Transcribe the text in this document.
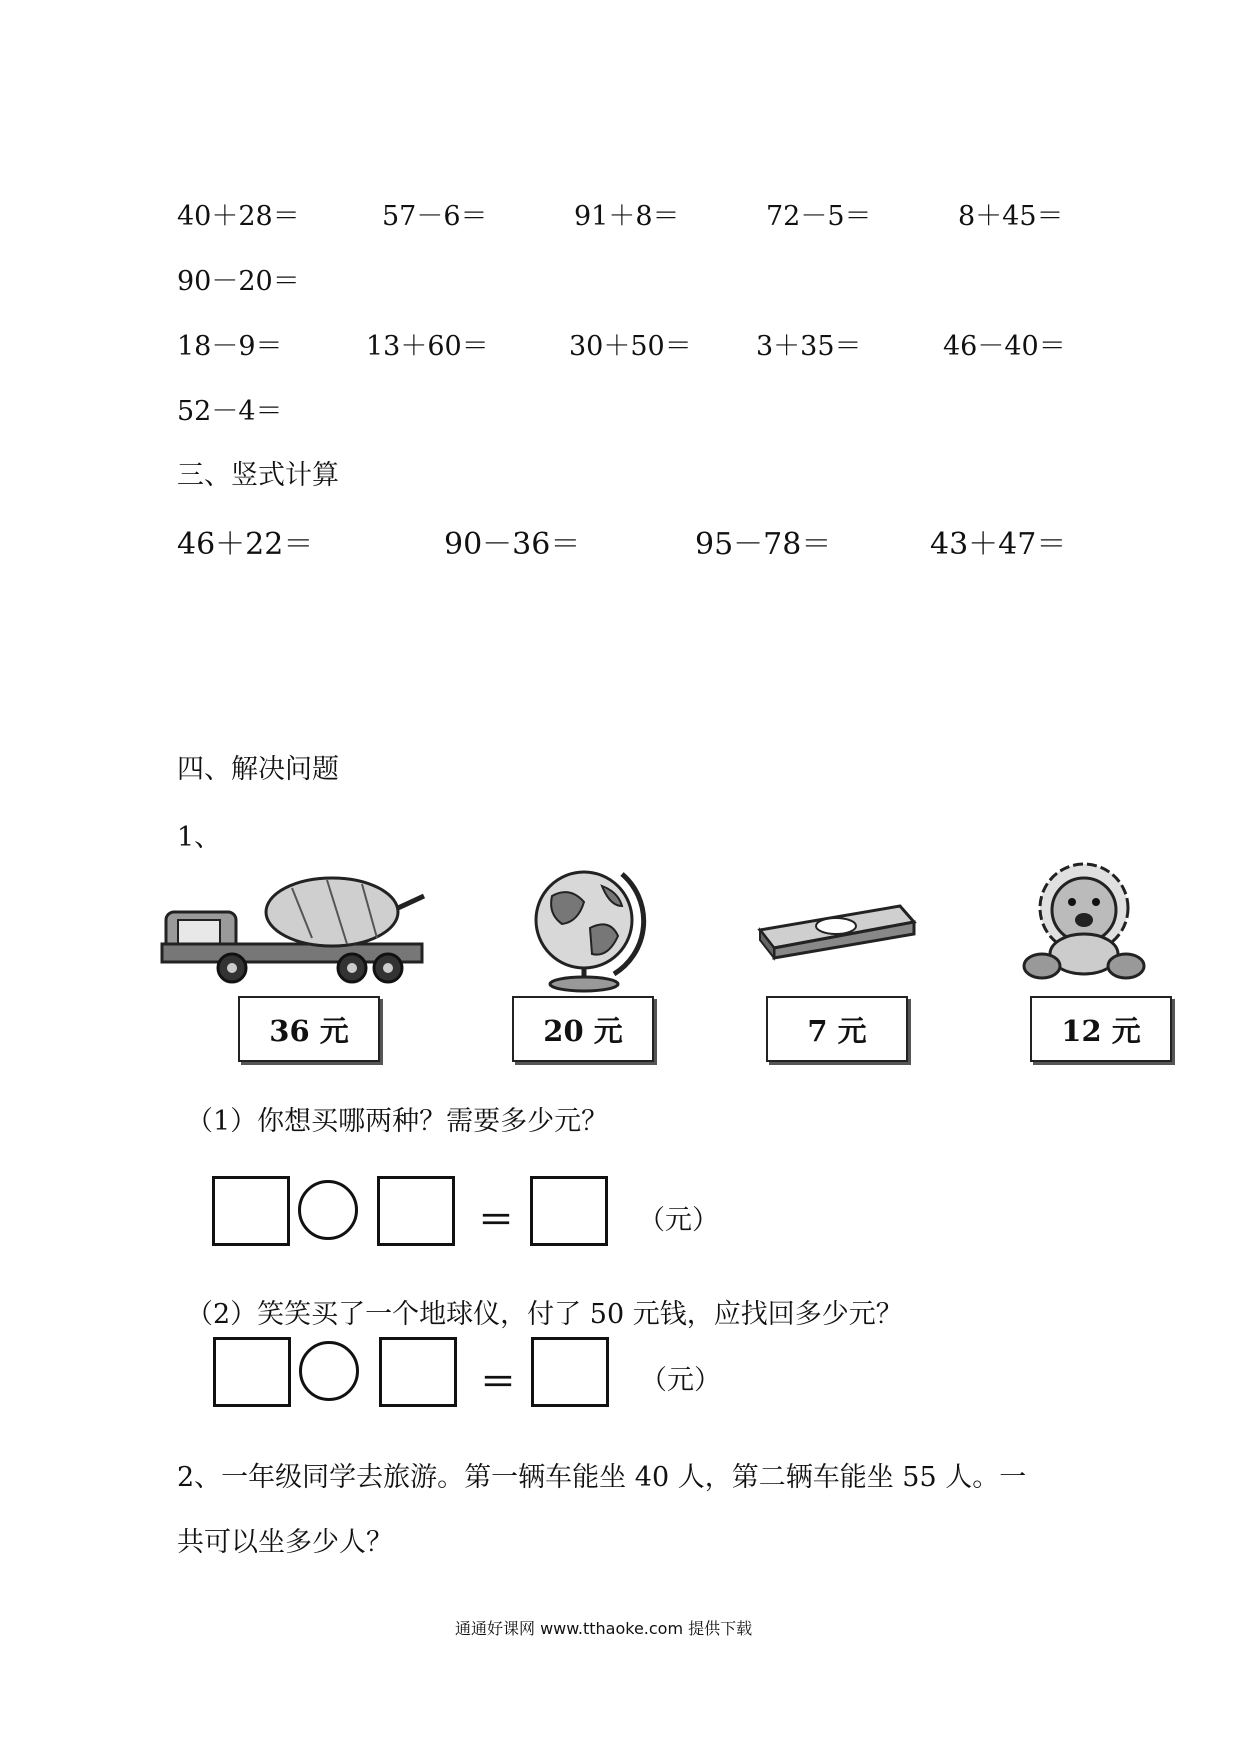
40＋28＝	57－6＝	91＋8＝	72－5＝	8＋45＝
90－20＝
18－9＝	13＋60＝	30＋50＝ 3＋35＝	46－40＝
52－4＝
三、竖式计算
46＋22＝	90－36＝	95－78＝	43＋47＝
四、解决问题
1、
36 元	20 元	7 元	12 元
（1）你想买哪两种？需要多少元？
＝	（元）
（2）笑笑买了一个地球仪，付了 50 元钱，应找回多少元？
＝	（元）
2、一年级同学去旅游。第一辆车能坐 40 人，第二辆车能坐 55 人。一
共可以坐多少人？
通通好课网 www.tthaoke.com 提供下载
